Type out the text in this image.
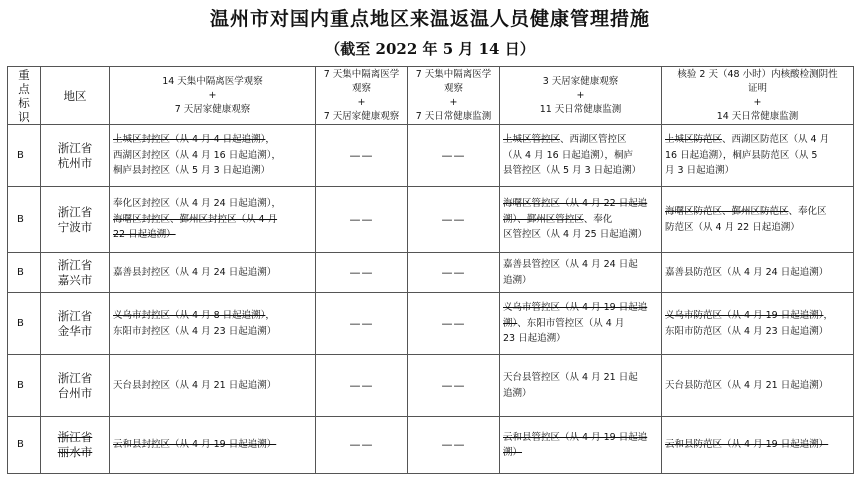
温州市对国内重点地区来温返温人员健康管理措施
（截至 2022 年 5 月 14 日）
重
点
标
识	地区	14 天集中隔离医学观察
+
7 天居家健康观察	7 天集中隔离医学
观察
+
7 天居家健康观察	7 天集中隔离医学
观察
+
7 天日常健康监测	3 天居家健康观察
+
11 天日常健康监测	核验 2 天（48 小时）内核酸检测阴性
证明
+
14 天日常健康监测

B	浙江省
杭州市	上城区封控区（从 4 月 4 日起追溯），
西湖区封控区（从 4 月 16 日起追溯），
桐庐县封控区（从 5 月 3 日起追溯）	——	——	上城区管控区、西湖区管控区
（从 4 月 16 日起追溯），桐庐
县管控区（从 5 月 3 日起追溯）	上城区防范区、西湖区防范区（从 4 月
16 日起追溯），桐庐县防范区（从 5
月 3 日起追溯）

B	浙江省
宁波市	奉化区封控区（从 4 月 24 日起追溯），
海曙区封控区、鄞州区封控区（从 4 月
22 日起追溯）	——	——	海曙区管控区（从 4 月 22 日起追
溯）、鄞州区管控区、奉化
区管控区（从 4 月 25 日起追溯）	海曙区防范区、鄞州区防范区、奉化区
防范区（从 4 月 22 日起追溯）

B	浙江省
嘉兴市	嘉善县封控区（从 4 月 24 日起追溯）	——	——	嘉善县管控区（从 4 月 24 日起
追溯）	嘉善县防范区（从 4 月 24 日起追溯）

B	浙江省
金华市	义乌市封控区（从 4 月 8 日起追溯），
东阳市封控区（从 4 月 23 日起追溯）	——	——	义乌市管控区（从 4 月 19 日起追
溯）、东阳市管控区（从 4 月
23 日起追溯）	义乌市防范区（从 4 月 19 日起追溯），
东阳市防范区（从 4 月 23 日起追溯）

B	浙江省
台州市	天台县封控区（从 4 月 21 日起追溯）	——	——	天台县管控区（从 4 月 21 日起
追溯）	天台县防范区（从 4 月 21 日起追溯）

B	浙江省
丽水市	云和县封控区（从 4 月 19 日起追溯）	——	——	云和县管控区（从 4 月 19 日起追
溯）	云和县防范区（从 4 月 19 日起追溯）
